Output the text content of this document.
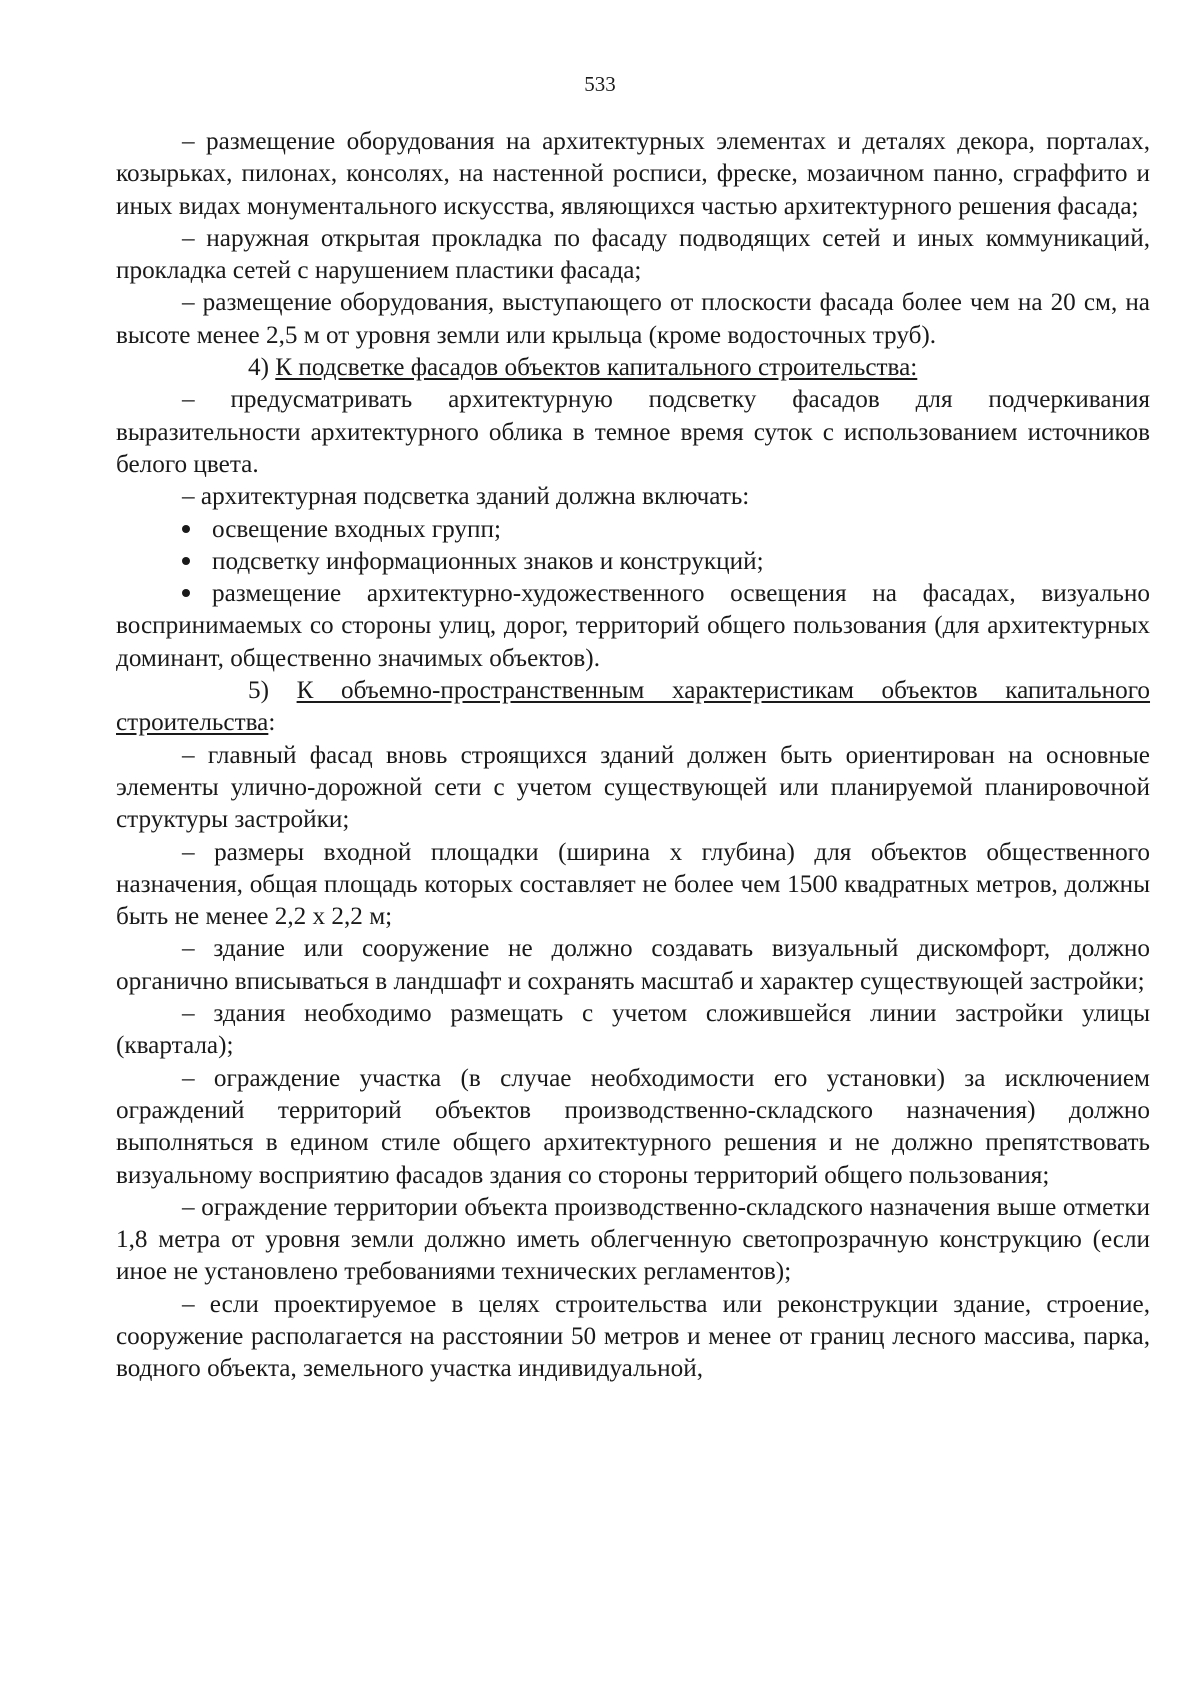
533

– размещение оборудования на архитектурных элементах и деталях декора, порталах, козырьках, пилонах, консолях, на настенной росписи, фреске, мозаичном панно, сграффито и иных видах монументального искусства, являющихся частью архитектурного решения фасада;

– наружная открытая прокладка по фасаду подводящих сетей и иных коммуникаций, прокладка сетей с нарушением пластики фасада;

– размещение оборудования, выступающего от плоскости фасада более чем на 20 см, на высоте менее 2,5 м от уровня земли или крыльца (кроме водосточных труб).

4) К подсветке фасадов объектов капитального строительства:

– предусматривать архитектурную подсветку фасадов для подчеркивания выразительности архитектурного облика в темное время суток с использованием источников белого цвета.

– архитектурная подсветка зданий должна включать:

освещение входных групп;

подсветку информационных знаков и конструкций;

размещение архитектурно-художественного освещения на фасадах, визуально воспринимаемых со стороны улиц, дорог, территорий общего пользования (для архитектурных доминант, общественно значимых объектов).

5) К объемно-пространственным характеристикам объектов капитального строительства:

– главный фасад вновь строящихся зданий должен быть ориентирован на основные элементы улично-дорожной сети с учетом существующей или планируемой планировочной структуры застройки;

– размеры входной площадки (ширина х глубина) для объектов общественного назначения, общая площадь которых составляет не более чем 1500 квадратных метров, должны быть не менее 2,2 х 2,2 м;

– здание или сооружение не должно создавать визуальный дискомфорт, должно органично вписываться в ландшафт и сохранять масштаб и характер существующей застройки;

– здания необходимо размещать с учетом сложившейся линии застройки улицы (квартала);

– ограждение участка (в случае необходимости его установки) за исключением ограждений территорий объектов производственно-складского назначения) должно выполняться в едином стиле общего архитектурного решения и не должно препятствовать визуальному восприятию фасадов здания со стороны территорий общего пользования;

– ограждение территории объекта производственно-складского назначения выше отметки 1,8 метра от уровня земли должно иметь облегченную светопрозрачную конструкцию (если иное не установлено требованиями технических регламентов);

– если проектируемое в целях строительства или реконструкции здание, строение, сооружение располагается на расстоянии 50 метров и менее от границ лесного массива, парка, водного объекта, земельного участка индивидуальной,
